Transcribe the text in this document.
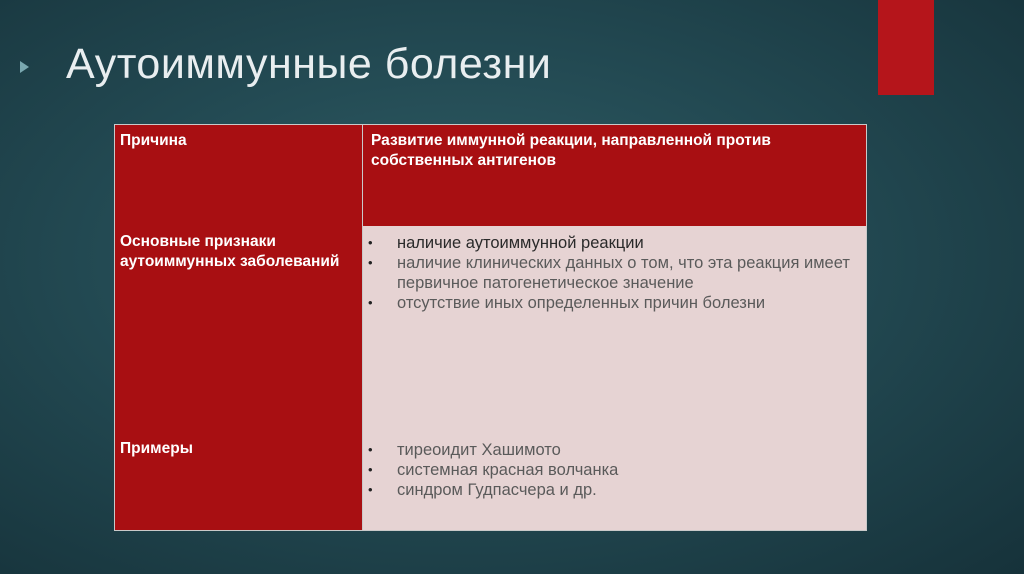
Аутоиммунные болезни
Причина	Развитие иммунной реакции, направленной против собственных антигенов
Основные признаки аутоиммунных заболеваний
• наличие аутоиммунной реакции
• наличие клинических данных о том, что эта реакция имеет первичное патогенетическое значение
• отсутствие иных определенных причин болезни
Примеры	• тиреоидит Хашимото
• системная красная волчанка
• синдром Гудпасчера и др.
